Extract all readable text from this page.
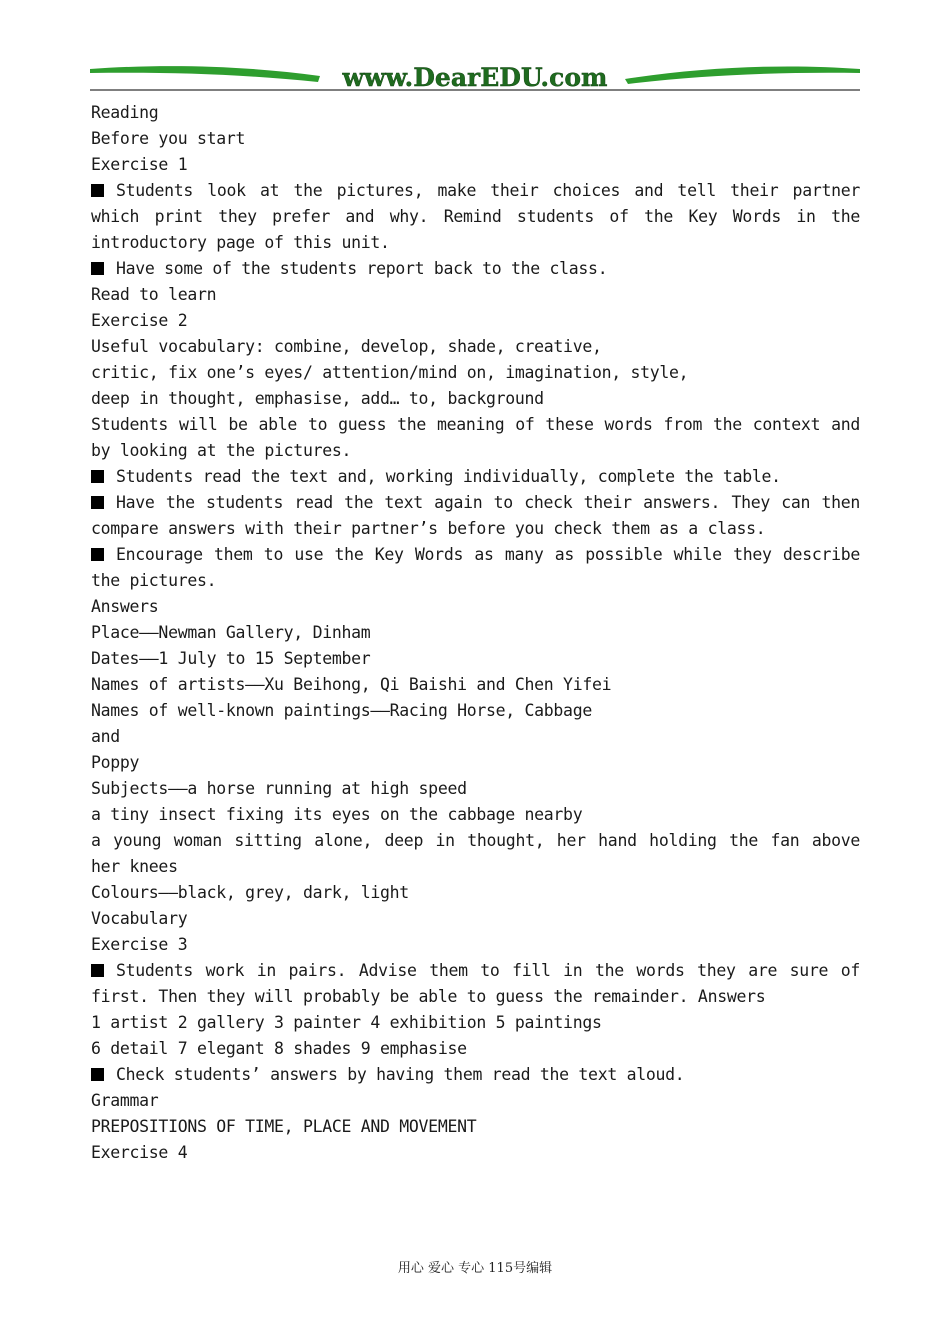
www.DearEDU.com

Reading

Before you start

Exercise 1

Students look at the pictures, make their choices and tell their partner which print they prefer and why. Remind students of the Key Words in the introductory page of this unit.

Have some of the students report back to the class.

Read to learn

Exercise 2

Useful vocabulary: combine, develop, shade, creative,

critic, fix one’s eyes/ attention/mind on, imagination, style,

deep in thought, emphasise, add… to, background

Students will be able to guess the meaning of these words from the context and by looking at the pictures.

Students read the text and, working individually, complete the table.

Have the students read the text again to check their answers. They can then compare answers with their partner’s before you check them as a class.

Encourage them to use the Key Words as many as possible while they describe the pictures.

Answers

Place——Newman Gallery, Dinham

Dates——1 July to 15 September

Names of artists——Xu Beihong, Qi Baishi and Chen Yifei

Names of well-known paintings——Racing Horse, Cabbage

and

Poppy

Subjects——a horse running at high speed

a tiny insect fixing its eyes on the cabbage nearby

a young woman sitting alone, deep in thought, her hand holding the fan above her knees

Colours——black, grey, dark, light

Vocabulary

Exercise 3

Students work in pairs. Advise them to fill in the words they are sure of first. Then they will probably be able to guess the remainder. Answers

1 artist 2 gallery 3 painter 4 exhibition 5 paintings

6 detail 7 elegant 8 shades 9 emphasise

Check students’ answers by having them read the text aloud.

Grammar

PREPOSITIONS OF TIME, PLACE AND MOVEMENT

Exercise 4

用心 爱心 专心 115号编辑
